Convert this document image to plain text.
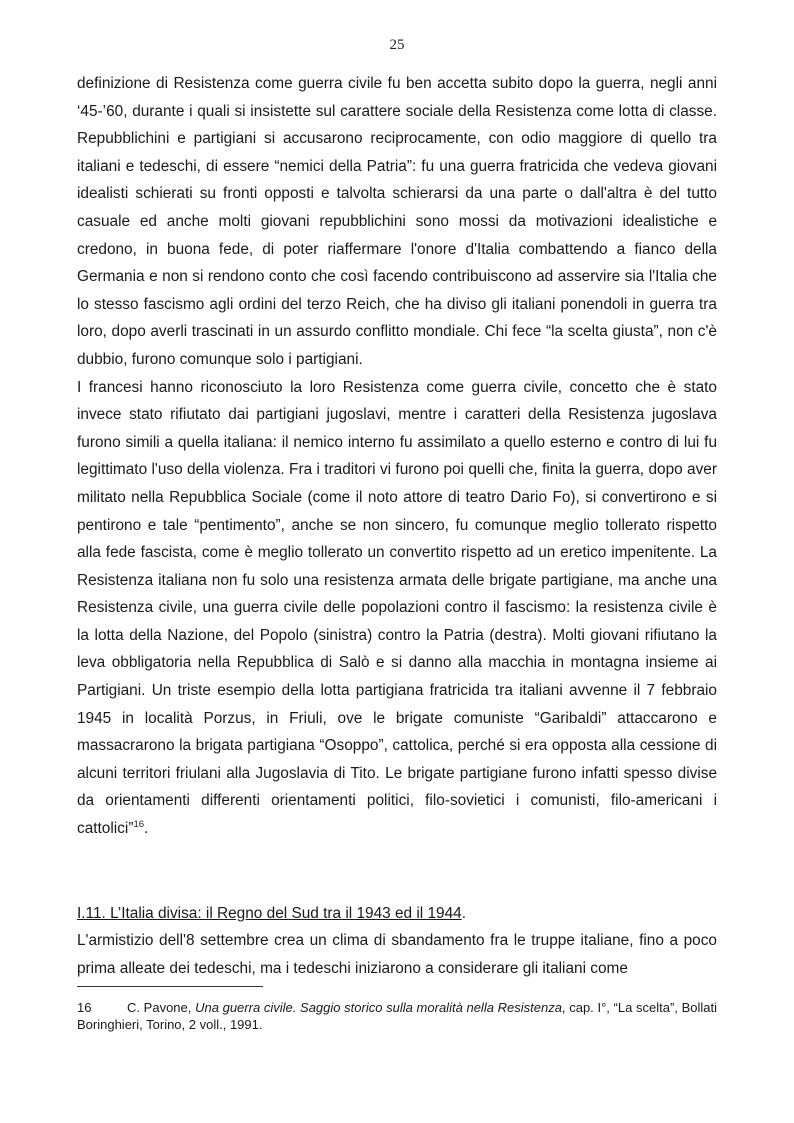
25

definizione di Resistenza come guerra civile fu ben accetta subito dopo la guerra, negli anni ‘45-’60, durante i quali si insistette sul carattere sociale della Resistenza come lotta di classe. Repubblichini e partigiani si accusarono reciprocamente, con odio maggiore di quello tra italiani e tedeschi, di essere “nemici della Patria”: fu una guerra fratricida che vedeva giovani idealisti schierati su fronti opposti e talvolta schierarsi da una parte o dall'altra è del tutto casuale ed anche molti giovani repubblichini sono mossi da motivazioni idealistiche e credono, in buona fede, di poter riaffermare l'onore d'Italia combattendo a fianco della Germania e non si rendono conto che così facendo contribuiscono ad asservire sia l'Italia che lo stesso fascismo agli ordini del terzo Reich, che ha diviso gli italiani ponendoli in guerra tra loro, dopo averli trascinati in un assurdo conflitto mondiale. Chi fece “la scelta giusta”, non c'è dubbio, furono comunque solo i partigiani.

I francesi hanno riconosciuto la loro Resistenza come guerra civile, concetto che è stato invece stato rifiutato dai partigiani jugoslavi, mentre i caratteri della Resistenza jugoslava furono simili a quella italiana: il nemico interno fu assimilato a quello esterno e contro di lui fu legittimato l'uso della violenza. Fra i traditori vi furono poi quelli che, finita la guerra, dopo aver militato nella Repubblica Sociale (come il noto attore di teatro Dario Fo), si convertirono e si pentirono e tale “pentimento”, anche se non sincero, fu comunque meglio tollerato rispetto alla fede fascista, come è meglio tollerato un convertito rispetto ad un eretico impenitente. La Resistenza italiana non fu solo una resistenza armata delle brigate partigiane, ma anche una Resistenza civile, una guerra civile delle popolazioni contro il fascismo: la resistenza civile è la lotta della Nazione, del Popolo (sinistra) contro la Patria (destra). Molti giovani rifiutano la leva obbligatoria nella Repubblica di Salò e si danno alla macchia in montagna insieme ai Partigiani. Un triste esempio della lotta partigiana fratricida tra italiani avvenne il 7 febbraio 1945 in località Porzus, in Friuli, ove le brigate comuniste “Garibaldi” attaccarono e massacrarono la brigata partigiana “Osoppo”, cattolica, perché si era opposta alla cessione di alcuni territori friulani alla Jugoslavia di Tito. Le brigate partigiane furono infatti spesso divise da orientamenti differenti orientamenti politici, filo-sovietici i comunisti, filo-americani i cattolici”$^{16}$.

I.11. L’Italia divisa: il Regno del Sud tra il 1943 ed il 1944.
L'armistizio dell'8 settembre crea un clima di sbandamento fra le truppe italiane, fino a poco prima alleate dei tedeschi, ma i tedeschi iniziarono a considerare gli italiani come
16	C. Pavone, Una guerra civile. Saggio storico sulla moralità nella Resistenza, cap. I°, “La scelta”, Bollati Boringhieri, Torino, 2 voll., 1991.
